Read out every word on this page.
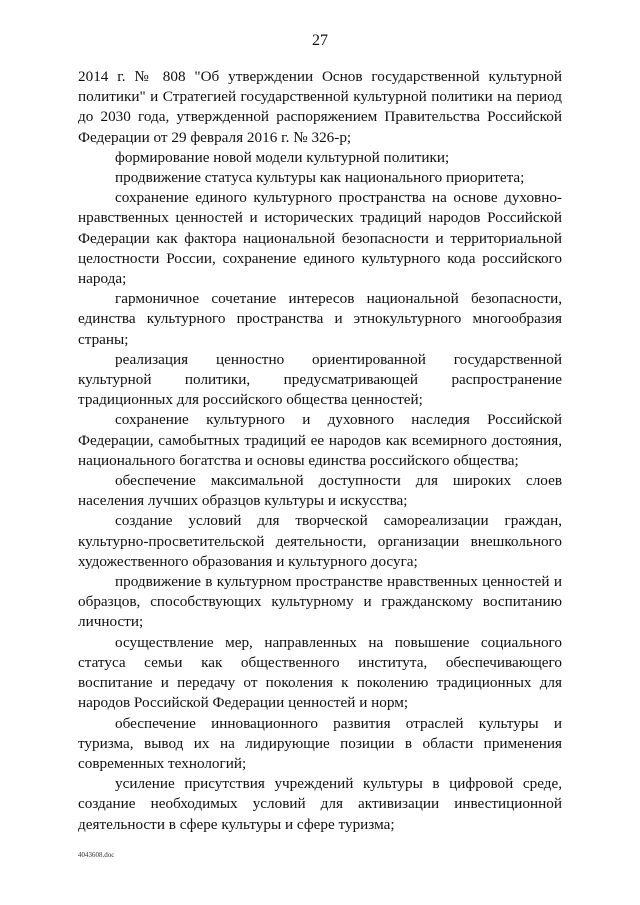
27

2014 г. № 808 "Об утверждении Основ государственной культурной политики" и Стратегией государственной культурной политики на период до 2030 года, утвержденной распоряжением Правительства Российской Федерации от 29 февраля 2016 г. № 326-р;

формирование новой модели культурной политики;

продвижение статуса культуры как национального приоритета;

сохранение единого культурного пространства на основе духовно-нравственных ценностей и исторических традиций народов Российской Федерации как фактора национальной безопасности и территориальной целостности России, сохранение единого культурного кода российского народа;

гармоничное сочетание интересов национальной безопасности, единства культурного пространства и этнокультурного многообразия страны;

реализация ценностно ориентированной государственной культурной политики, предусматривающей распространение традиционных для российского общества ценностей;

сохранение культурного и духовного наследия Российской Федерации, самобытных традиций ее народов как всемирного достояния, национального богатства и основы единства российского общества;

обеспечение максимальной доступности для широких слоев населения лучших образцов культуры и искусства;

создание условий для творческой самореализации граждан, культурно-просветительской деятельности, организации внешкольного художественного образования и культурного досуга;

продвижение в культурном пространстве нравственных ценностей и образцов, способствующих культурному и гражданскому воспитанию личности;

осуществление мер, направленных на повышение социального статуса семьи как общественного института, обеспечивающего воспитание и передачу от поколения к поколению традиционных для народов Российской Федерации ценностей и норм;

обеспечение инновационного развития отраслей культуры и туризма, вывод их на лидирующие позиции в области применения современных технологий;

усиление присутствия учреждений культуры в цифровой среде, создание необходимых условий для активизации инвестиционной деятельности в сфере культуры и сфере туризма;

4043608.doc
